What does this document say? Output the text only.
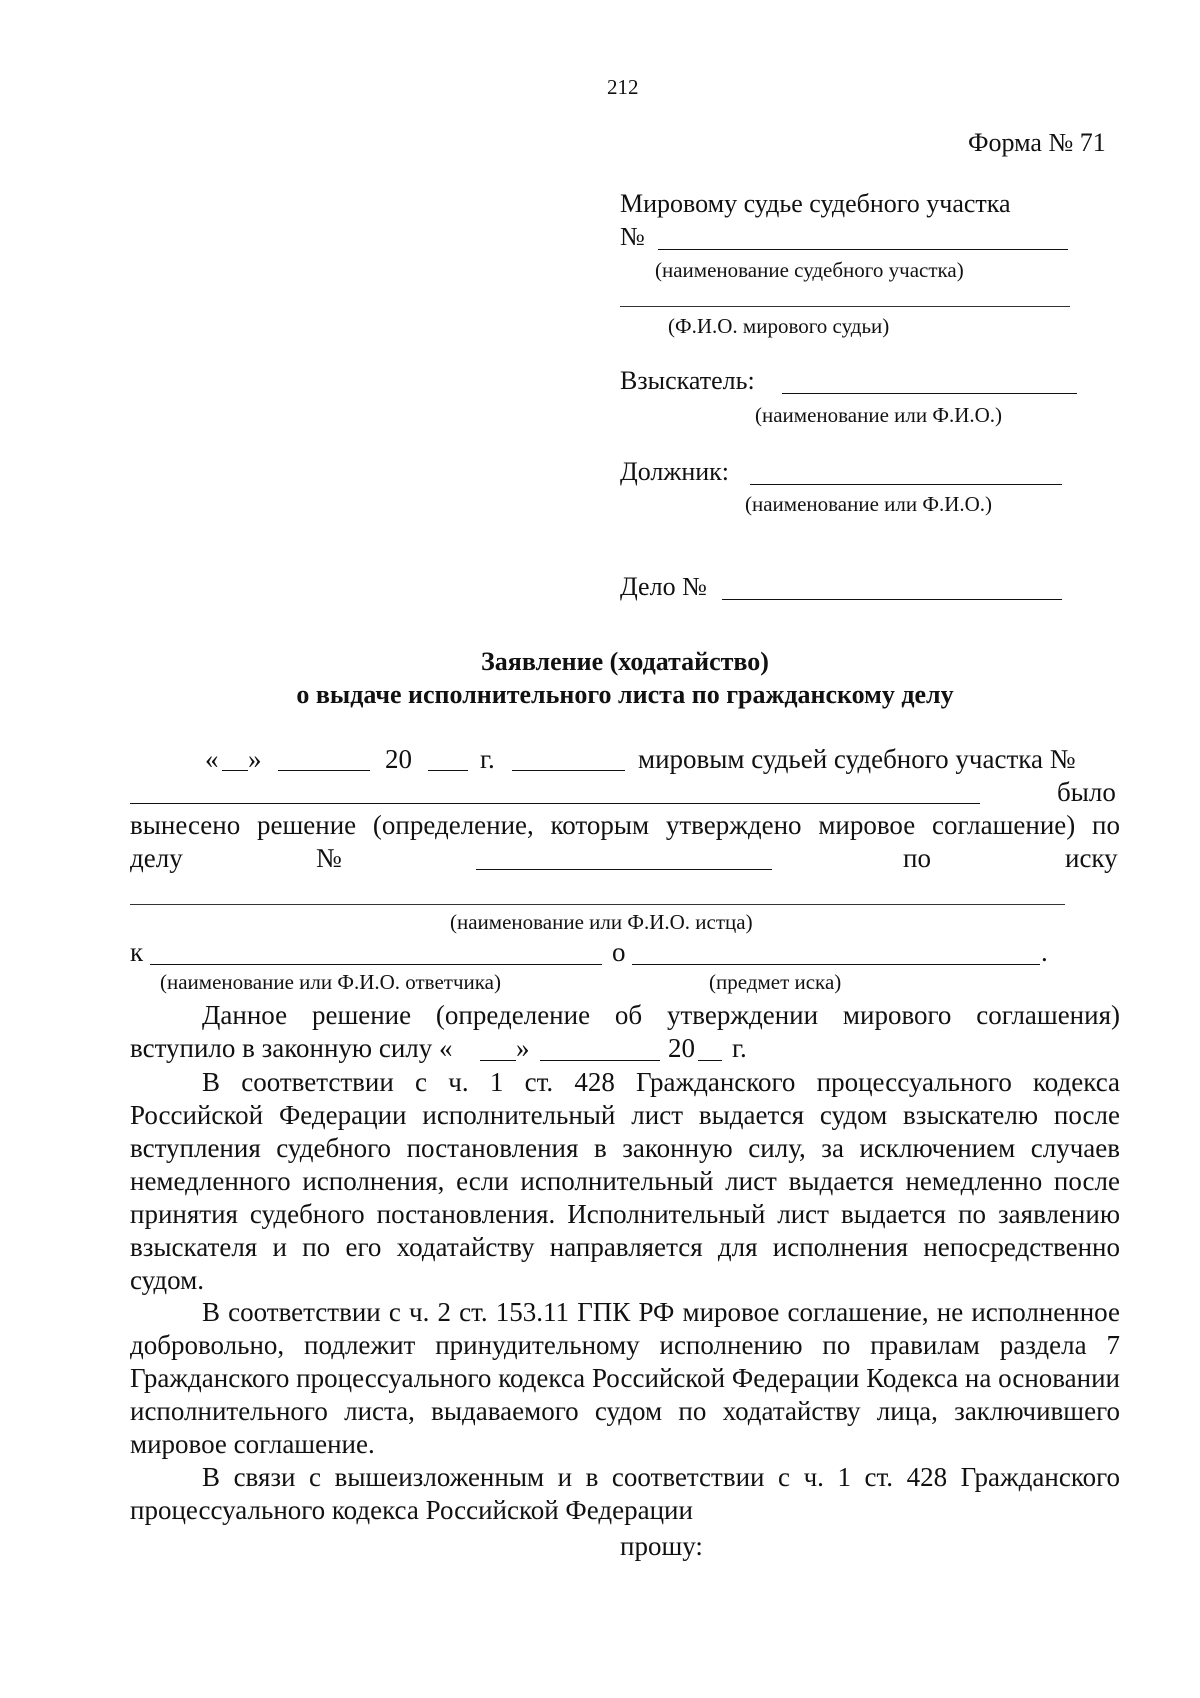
212
Форма № 71
Мировому судье судебного участка
№
(наименование судебного участка)
(Ф.И.О. мирового судьи)
Взыскатель:
(наименование или Ф.И.О.)
Должник:
(наименование или Ф.И.О.)
Дело №
Заявление (ходатайство)
о выдаче исполнительного листа по гражданскому делу
« »	20	г.	мировым судьей судебного участка №
было
вынесено решение (определение, которым утверждено мировое соглашение) по
делу	№	по	иску
(наименование или Ф.И.О. истца)
к	о	.
(наименование или Ф.И.О. ответчика)	(предмет иска)
Данное решение (определение об утверждении мирового соглашения)
вступило в законную силу « »	20 г.
В соответствии с ч. 1 ст. 428 Гражданского процессуального кодекса Российской Федерации исполнительный лист выдается судом взыскателю после вступления судебного постановления в законную силу, за исключением случаев немедленного исполнения, если исполнительный лист выдается немедленно после принятия судебного постановления. Исполнительный лист выдается по заявлению взыскателя и по его ходатайству направляется для исполнения непосредственно судом.
В соответствии с ч. 2 ст. 153.11 ГПК РФ мировое соглашение, не исполненное добровольно, подлежит принудительному исполнению по правилам раздела 7 Гражданского процессуального кодекса Российской Федерации Кодекса на основании исполнительного листа, выдаваемого судом по ходатайству лица, заключившего мировое соглашение.
В связи с вышеизложенным и в соответствии с ч. 1 ст. 428 Гражданского процессуального кодекса Российской Федерации
прошу:
